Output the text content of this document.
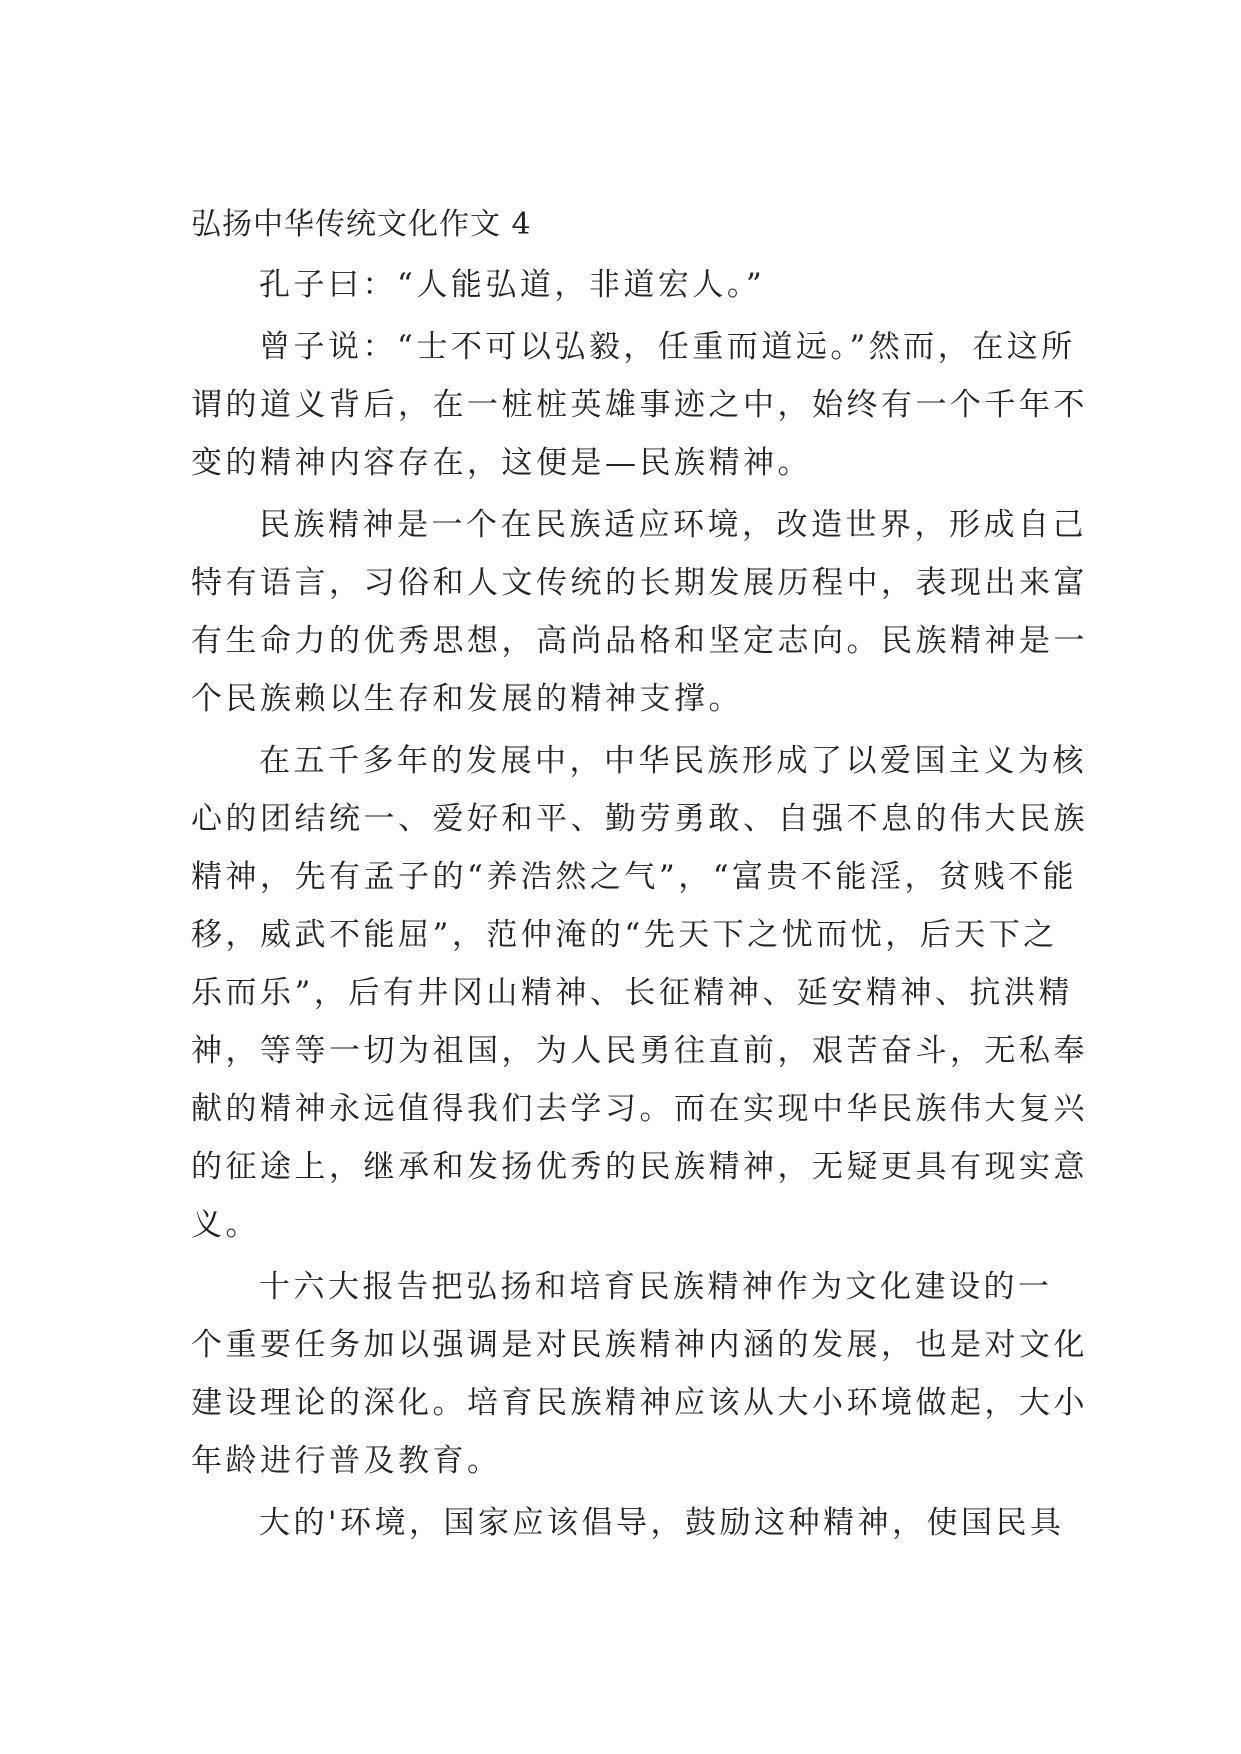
弘扬中华传统文化作文 4

孔子曰：“人能弘道，非道宏人。”

曾子说：“士不可以弘毅，任重而道远。”然而，在这所
谓的道义背后，在一桩桩英雄事迹之中，始终有一个千年不
变的精神内容存在，这便是—民族精神。

民族精神是一个在民族适应环境，改造世界，形成自己
特有语言，习俗和人文传统的长期发展历程中，表现出来富
有生命力的优秀思想，高尚品格和坚定志向。民族精神是一
个民族赖以生存和发展的精神支撑。

在五千多年的发展中，中华民族形成了以爱国主义为核
心的团结统一、爱好和平、勤劳勇敢、自强不息的伟大民族
精神，先有孟子的“养浩然之气”，“富贵不能淫，贫贱不能
移，威武不能屈”，范仲淹的“先天下之忧而忧，后天下之
乐而乐”，后有井冈山精神、长征精神、延安精神、抗洪精
神，等等一切为祖国，为人民勇往直前，艰苦奋斗，无私奉
献的精神永远值得我们去学习。而在实现中华民族伟大复兴
的征途上，继承和发扬优秀的民族精神，无疑更具有现实意
义。

十六大报告把弘扬和培育民族精神作为文化建设的一
个重要任务加以强调是对民族精神内涵的发展，也是对文化
建设理论的深化。培育民族精神应该从大小环境做起，大小
年龄进行普及教育。

大的'环境，国家应该倡导，鼓励这种精神，使国民具
